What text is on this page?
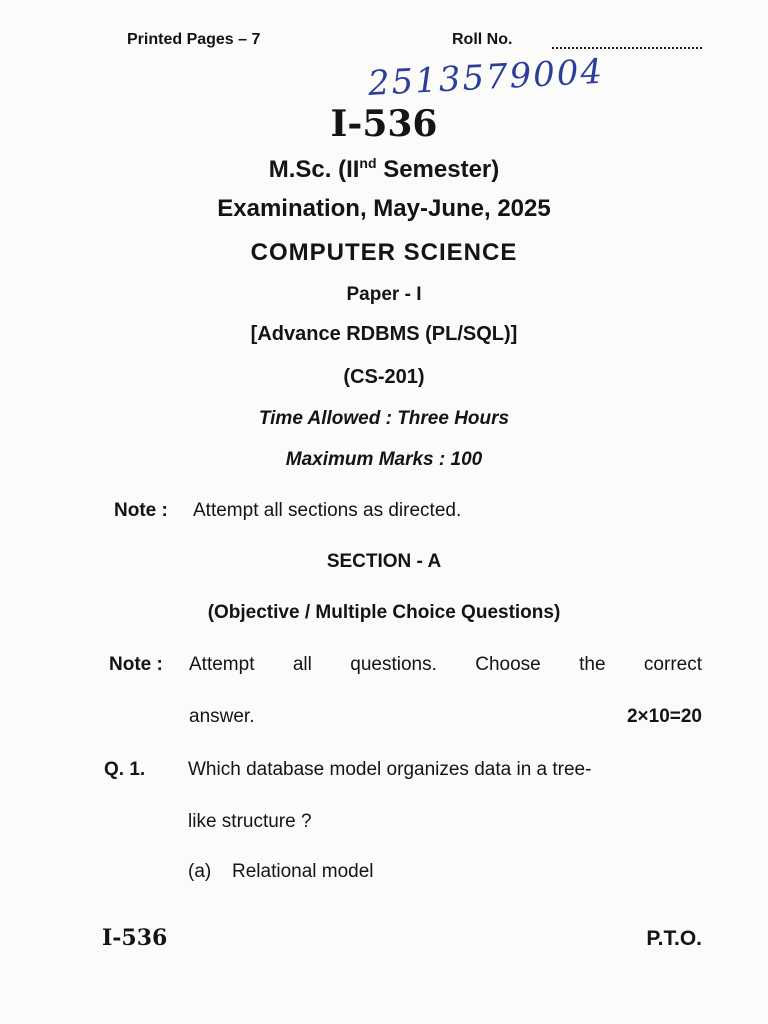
Printed Pages – 7	Roll No.
2513579004
I-536
M.Sc. (IInd Semester)
Examination, May-June, 2025
COMPUTER SCIENCE
Paper - I
[Advance RDBMS (PL/SQL)]
(CS-201)
Time Allowed : Three Hours
Maximum Marks : 100
Note : Attempt all sections as directed.
SECTION - A
(Objective / Multiple Choice Questions)
Note : Attempt all questions. Choose the correct
answer.	2×10=20
Q. 1. Which database model organizes data in a tree-
like structure ?
(a) Relational model
I-536	P.T.O.
